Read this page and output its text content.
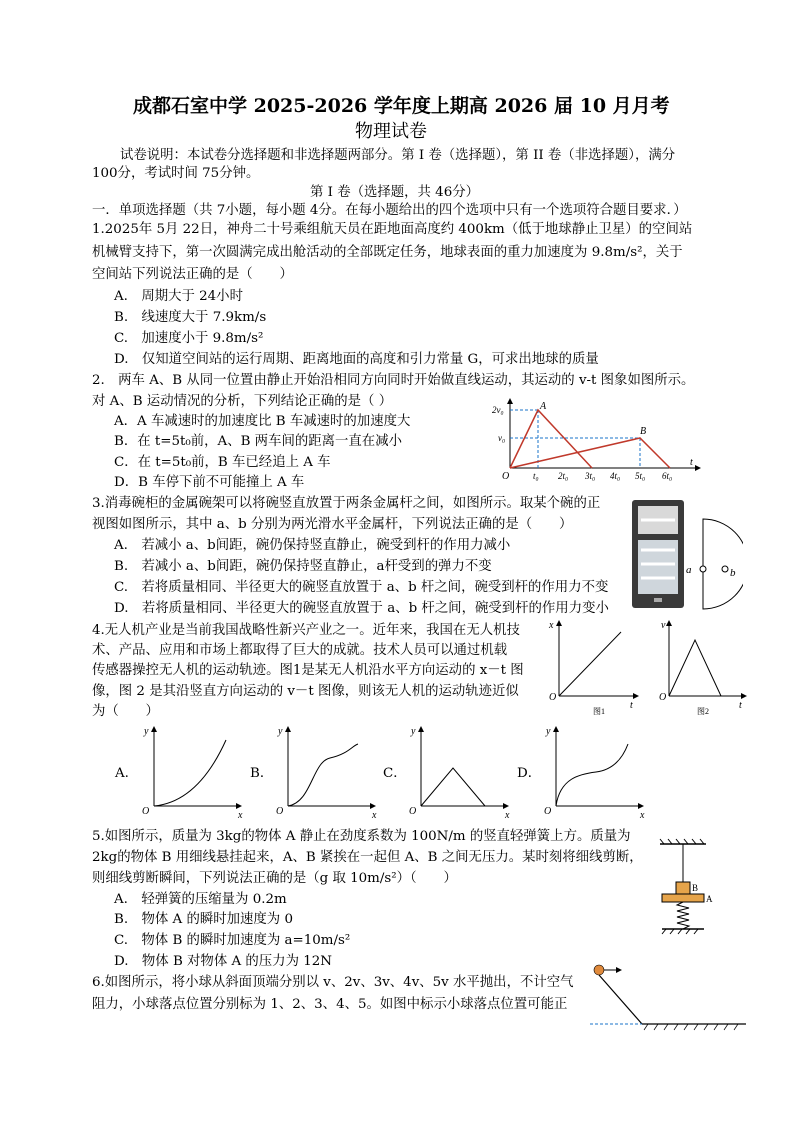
成都石室中学 2025-2026 学年度上期高 2026 届 10 月月考
物理试卷
试卷说明：本试卷分选择题和非选择题两部分。第 I 卷（选择题），第 II 卷（非选择题），满分
100分，考试时间 75分钟。
第 I 卷（选择题，共 46分）
一．单项选择题（共 7小题，每小题 4分。在每小题给出的四个选项中只有一个选项符合题目要求．）
1.2025年 5月 22日，神舟二十号乘组航天员在距地面高度约 400km（低于地球静止卫星）的空间站
机械臂支持下，第一次圆满完成出舱活动的全部既定任务，地球表面的重力加速度为 9.8m/s²，关于
空间站下列说法正确的是（　　）
A.　周期大于 24小时
B.　线速度大于 7.9km/s
C.　加速度小于 9.8m/s²
D.　仅知道空间站的运行周期、距离地面的高度和引力常量 G，可求出地球的质量
2.　两车 A、B 从同一位置由静止开始沿相同方向同时开始做直线运动，其运动的 v-t 图象如图所示。
对 A、B 运动情况的分析，下列结论正确的是（ ）
A．A 车减速时的加速度比 B 车减速时的加速度大
B．在 t=5t₀前，A、B 两车间的距离一直在减小
C．在 t=5t₀前，B 车已经追上 A 车
D．B 车停下前不可能撞上 A 车
2v₀
v₀
O	t₀ 2t₀ 3t₀ 4t₀ 5t₀ 6t₀
t
A
B
3.消毒碗柜的金属碗架可以将碗竖直放置于两条金属杆之间，如图所示。取某个碗的正
视图如图所示，其中 a、b 分别为两光滑水平金属杆，下列说法正确的是（　　）
A.　若减小 a、b间距，碗仍保持竖直静止，碗受到杆的作用力减小
B.　若减小 a、b间距，碗仍保持竖直静止，a杆受到的弹力不变
C.　若将质量相同、半径更大的碗竖直放置于 a、b 杆之间，碗受到杆的作用力不变
D.　若将质量相同、半径更大的碗竖直放置于 a、b 杆之间，碗受到杆的作用力变小
a	b
4.无人机产业是当前我国战略性新兴产业之一。近年来，我国在无人机技
术、产品、应用和市场上都取得了巨大的成就。技术人员可以通过机载
传感器操控无人机的运动轨迹。图1是某无人机沿水平方向运动的 x－t 图
像，图 2 是其沿竖直方向运动的 v－t 图像，则该无人机的运动轨迹近似
为（　　）
x
t
O
图1
v
t
O
图2
A.
y
x
O
B．
y
x
O
C．
y
x
O
D．
y
x
O
5.如图所示，质量为 3kg的物体 A 静止在劲度系数为 100N/m 的竖直轻弹簧上方。质量为
2kg的物体 B 用细线悬挂起来，A、B 紧挨在一起但 A、B 之间无压力。某时刻将细线剪断，
则细线剪断瞬间，下列说法正确的是（g 取 10m/s²）（　　）
A.　轻弹簧的压缩量为 0.2m
B.　物体 A 的瞬时加速度为 0
C.　物体 B 的瞬时加速度为 a=10m/s²
D.　物体 B 对物体 A 的压力为 12N
B
A
6.如图所示，将小球从斜面顶端分别以 v、2v、3v、4v、5v 水平抛出，不计空气
阻力，小球落点位置分别标为 1、2、3、4、5。如图中标示小球落点位置可能正
